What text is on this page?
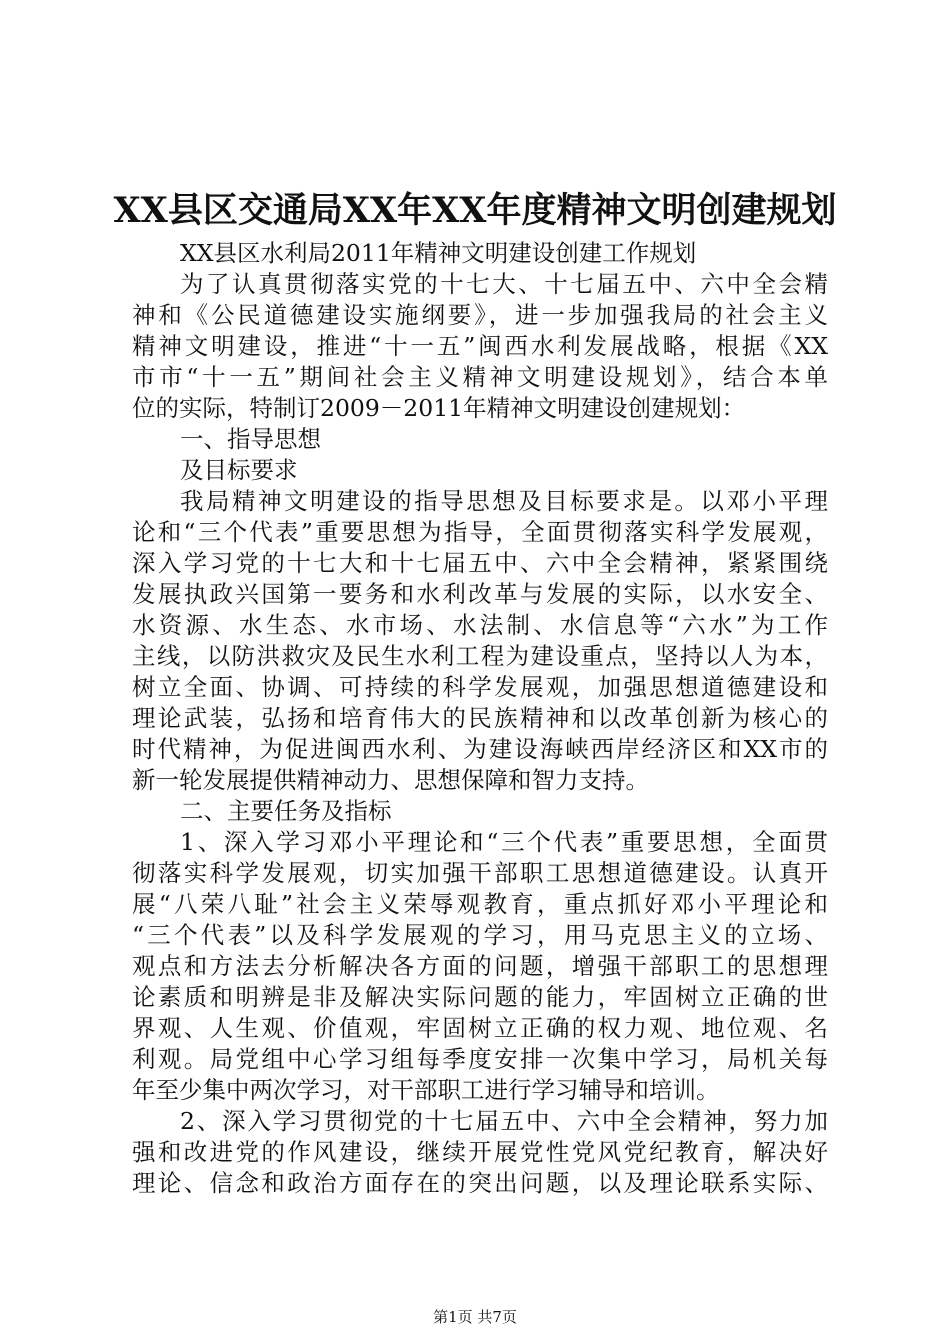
XX县区交通局XX年XX年度精神文明创建规划
XX县区水利局2011年精神文明建设创建工作规划
为了认真贯彻落实党的十七大、十七届五中、六中全会精
神和《公民道德建设实施纲要》，进一步加强我局的社会主义
精神文明建设，推进“十一五”闽西水利发展战略，根据《XX
市市“十一五”期间社会主义精神文明建设规划》，结合本单
位的实际，特制订2009－2011年精神文明建设创建规划：
一、指导思想
及目标要求
我局精神文明建设的指导思想及目标要求是。以邓小平理
论和“三个代表”重要思想为指导，全面贯彻落实科学发展观，
深入学习党的十七大和十七届五中、六中全会精神，紧紧围绕
发展执政兴国第一要务和水利改革与发展的实际，以水安全、
水资源、水生态、水市场、水法制、水信息等“六水”为工作
主线，以防洪救灾及民生水利工程为建设重点，坚持以人为本，
树立全面、协调、可持续的科学发展观，加强思想道德建设和
理论武装，弘扬和培育伟大的民族精神和以改革创新为核心的
时代精神，为促进闽西水利、为建设海峡西岸经济区和XX市的
新一轮发展提供精神动力、思想保障和智力支持。
二、主要任务及指标
1、深入学习邓小平理论和“三个代表”重要思想，全面贯
彻落实科学发展观，切实加强干部职工思想道德建设。认真开
展“八荣八耻”社会主义荣辱观教育，重点抓好邓小平理论和
“三个代表”以及科学发展观的学习，用马克思主义的立场、
观点和方法去分析解决各方面的问题，增强干部职工的思想理
论素质和明辨是非及解决实际问题的能力，牢固树立正确的世
界观、人生观、价值观，牢固树立正确的权力观、地位观、名
利观。局党组中心学习组每季度安排一次集中学习，局机关每
年至少集中两次学习，对干部职工进行学习辅导和培训。
2、深入学习贯彻党的十七届五中、六中全会精神，努力加
强和改进党的作风建设，继续开展党性党风党纪教育，解决好
理论、信念和政治方面存在的突出问题，以及理论联系实际、
第1页 共7页
